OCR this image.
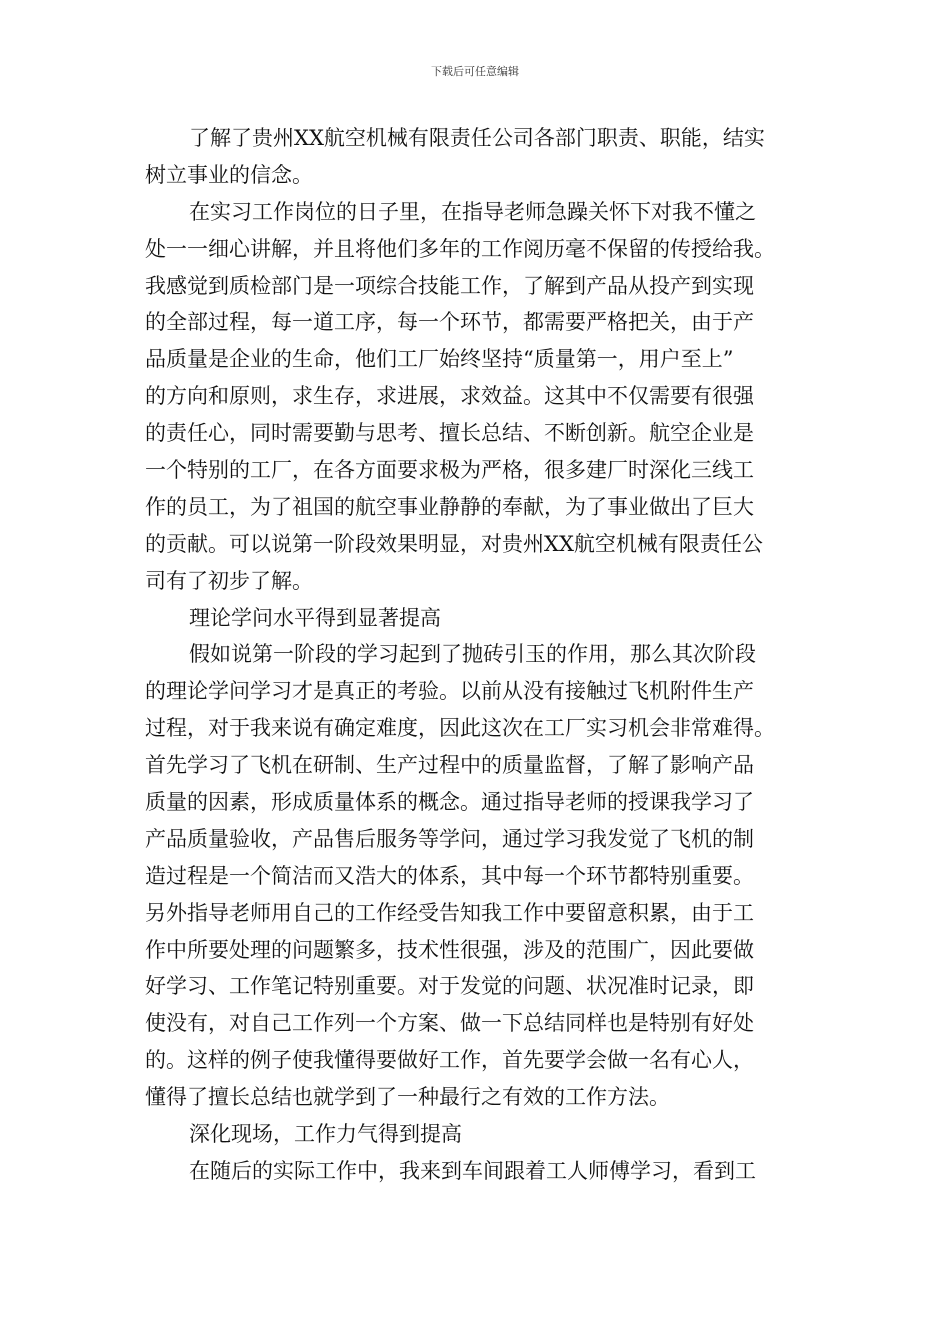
下载后可任意编辑
了解了贵州XX航空机械有限责任公司各部门职责、职能，结实
树立事业的信念。
在实习工作岗位的日子里，在指导老师急躁关怀下对我不懂之
处一一细心讲解，并且将他们多年的工作阅历毫不保留的传授给我。
我感觉到质检部门是一项综合技能工作，了解到产品从投产到实现
的全部过程，每一道工序，每一个环节，都需要严格把关，由于产
品质量是企业的生命，他们工厂始终坚持“质量第一，用户至上”
的方向和原则，求生存，求进展，求效益。这其中不仅需要有很强
的责任心，同时需要勤与思考、擅长总结、不断创新。航空企业是
一个特别的工厂，在各方面要求极为严格，很多建厂时深化三线工
作的员工，为了祖国的航空事业静静的奉献，为了事业做出了巨大
的贡献。可以说第一阶段效果明显，对贵州XX航空机械有限责任公
司有了初步了解。
理论学问水平得到显著提高
假如说第一阶段的学习起到了抛砖引玉的作用，那么其次阶段
的理论学问学习才是真正的考验。以前从没有接触过飞机附件生产
过程，对于我来说有确定难度，因此这次在工厂实习机会非常难得。
首先学习了飞机在研制、生产过程中的质量监督，了解了影响产品
质量的因素，形成质量体系的概念。通过指导老师的授课我学习了
产品质量验收，产品售后服务等学问，通过学习我发觉了飞机的制
造过程是一个简洁而又浩大的体系，其中每一个环节都特别重要。
另外指导老师用自己的工作经受告知我工作中要留意积累，由于工
作中所要处理的问题繁多，技术性很强，涉及的范围广，因此要做
好学习、工作笔记特别重要。对于发觉的问题、状况准时记录，即
使没有，对自己工作列一个方案、做一下总结同样也是特别有好处
的。这样的例子使我懂得要做好工作，首先要学会做一名有心人，
懂得了擅长总结也就学到了一种最行之有效的工作方法。
深化现场，工作力气得到提高
在随后的实际工作中，我来到车间跟着工人师傅学习，看到工
